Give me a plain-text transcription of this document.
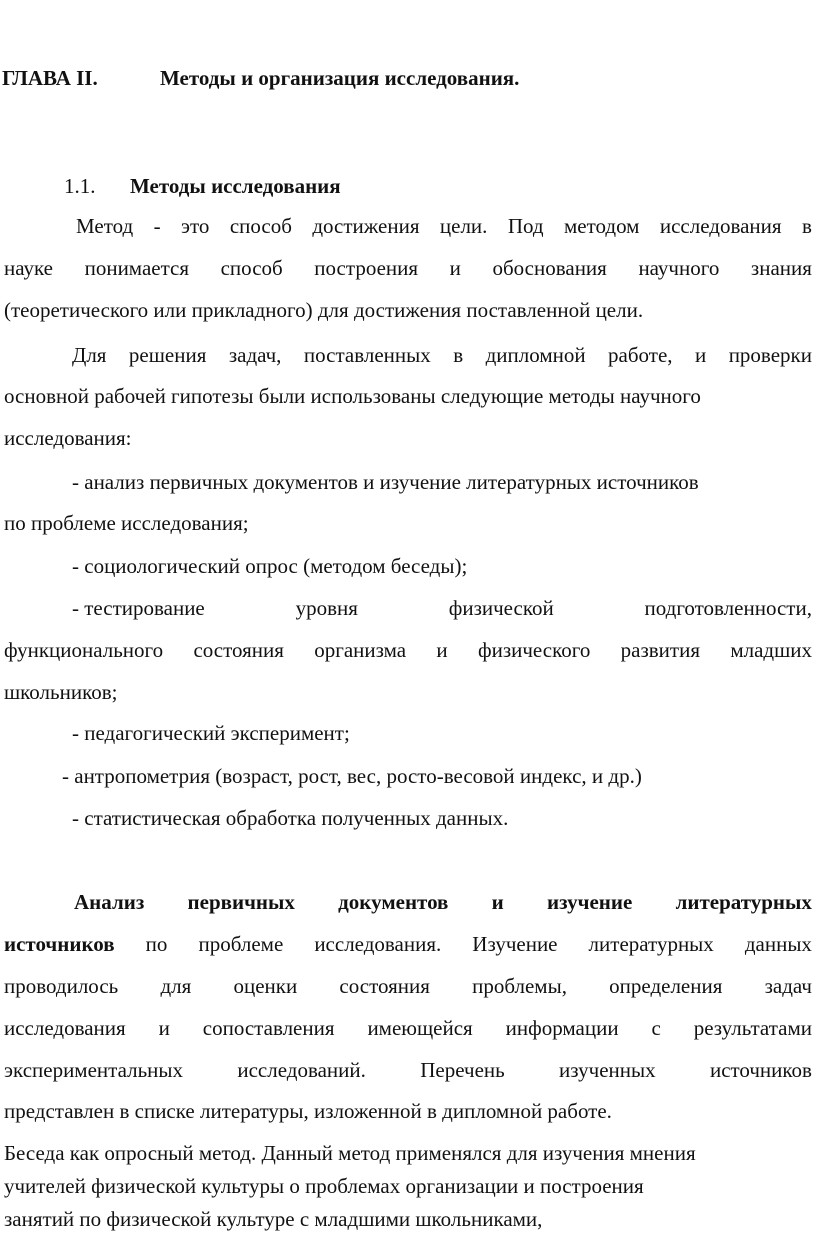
ГЛАВА II.	Методы и организация исследования.
1.1. Методы исследования
Метод - это способ достижения цели. Под методом исследования в
науке понимается способ построения и обоснования научного знания
(теоретического или прикладного) для достижения поставленной цели.
Для решения задач, поставленных в дипломной работе, и проверки
основной рабочей гипотезы были использованы следующие методы научного
исследования:
- анализ первичных документов и изучение литературных источников
по проблеме исследования;
- социологический опрос (методом беседы);
- тестирование	уровня	физической	подготовленности,
функционального состояния организма и физического развития младших
школьников;
- педагогический эксперимент;
- антропометрия (возраст, рост, вес, росто-весовой индекс, и др.)
- статистическая обработка полученных данных.
Анализ первичных документов и изучение литературных
источников по проблеме исследования. Изучение литературных данных
проводилось для оценки состояния проблемы, определения задач
исследования и сопоставления имеющейся информации с результатами
экспериментальных	исследований.	Перечень	изученных	источников
представлен в списке литературы, изложенной в дипломной работе.
Беседа как опросный метод. Данный метод применялся для изучения мнения
учителей физической культуры о проблемах организации и построения
занятий по физической культуре с младшими школьниками,
